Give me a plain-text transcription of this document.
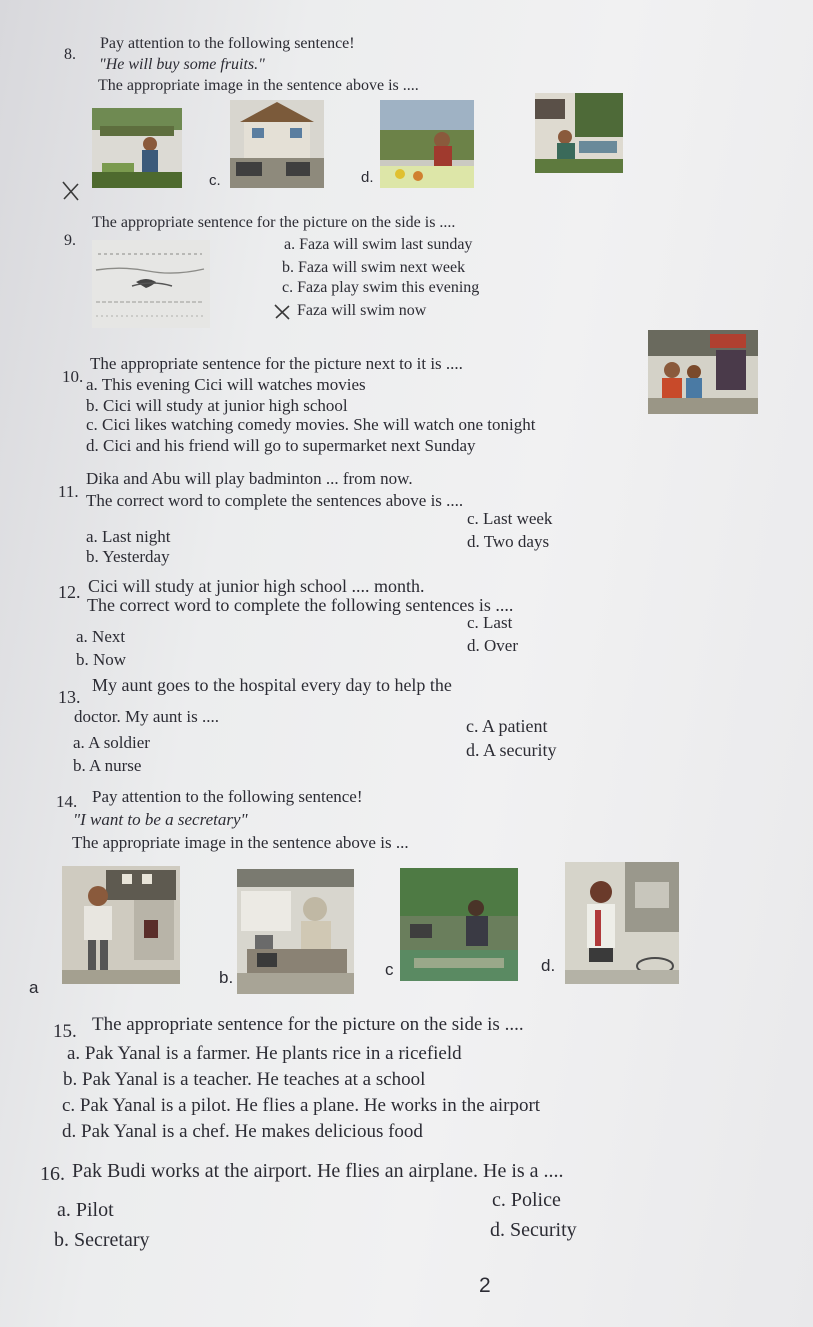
8.
Pay attention to the following sentence!
"He will buy some fruits."
The appropriate image in the sentence above is ....
c.	d.
9.
The appropriate sentence for the picture on the side is ....
a. Faza will swim last sunday
b. Faza will swim next week
c. Faza play swim this evening
Faza will swim now
10.
The appropriate sentence for the picture next to it is ....
a. This evening Cici will watches movies
b. Cici will study at junior high school
c. Cici likes watching comedy movies. She will watch one tonight
d. Cici and his friend will go to supermarket next Sunday
11.
Dika and Abu will play badminton ... from now.
The correct word to complete the sentences above is ....
a. Last night
b. Yesterday
c. Last week
d. Two days
12. Cici will study at junior high school .... month.
The correct word to complete the following sentences is ....
a. Next
b. Now
c. Last
d. Over
13.
My aunt goes to the hospital every day to help the
doctor. My aunt is ....
a. A soldier
b. A nurse
c. A patient
d. A security
14. Pay attention to the following sentence!
"I want to be a secretary"
The appropriate image in the sentence above is ...
a
b.	c	d.
15. The appropriate sentence for the picture on the side is ....
a. Pak Yanal is a farmer. He plants rice in a ricefield
b. Pak Yanal is a teacher. He teaches at a school
c. Pak Yanal is a pilot. He flies a plane. He works in the airport
d. Pak Yanal is a chef. He makes delicious food
16. Pak Budi works at the airport. He flies an airplane. He is a ....
a. Pilot
b. Secretary
c. Police
d. Security
2
